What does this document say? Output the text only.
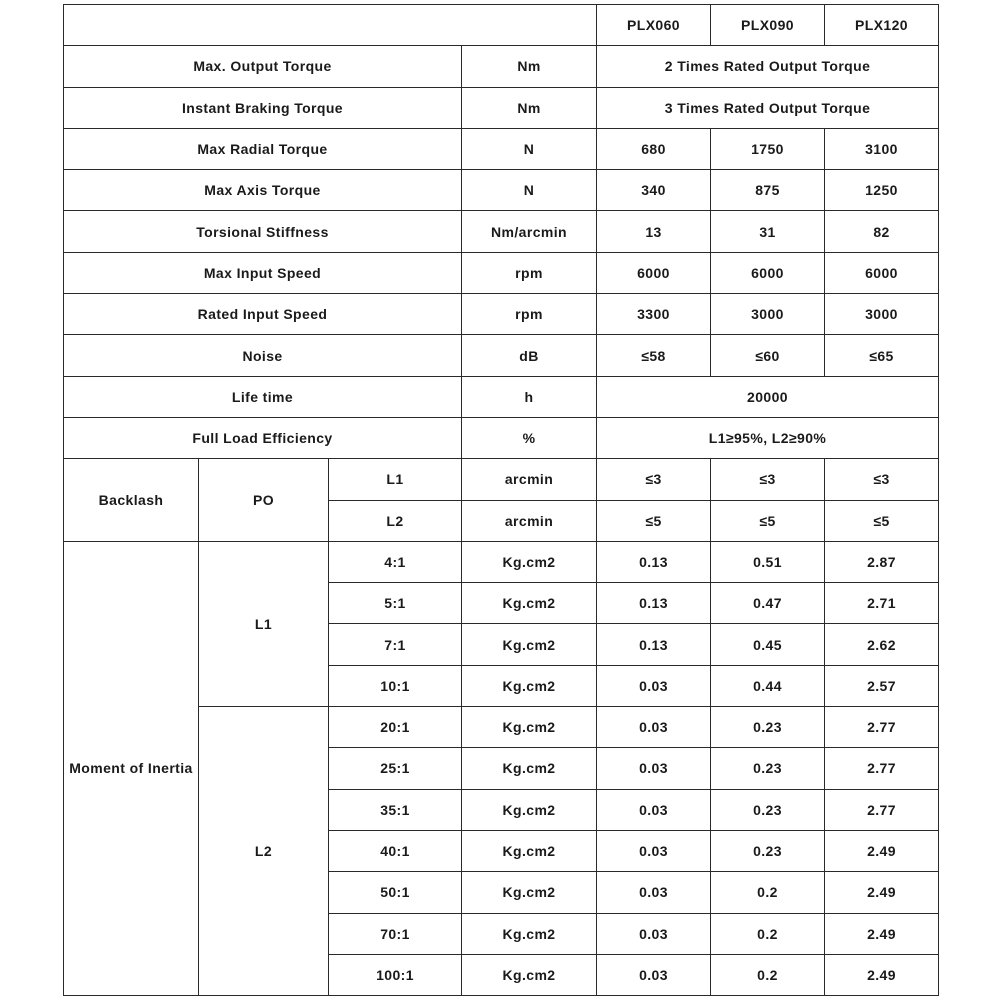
				PLX060	PLX090	PLX120
Max. Output Torque			Nm	2 Times Rated Output Torque		
Instant Braking Torque			Nm	3 Times Rated Output Torque		
Max Radial Torque			N	680	1750	3100
Max Axis Torque			N	340	875	1250
Torsional Stiffness			Nm/arcmin	13	31	82
Max Input Speed			rpm	6000	6000	6000
Rated Input Speed			rpm	3300	3000	3000
Noise			dB	≤58	≤60	≤65
Life time			h	20000		
Full Load Efficiency			%	L1≥95%, L2≥90%		
Backlash	PO	L1	arcmin	≤3	≤3	≤3
		L2	arcmin	≤5	≤5	≤5
Moment of Inertia	L1	4:1	Kg.cm2	0.13	0.51	2.87
		5:1	Kg.cm2	0.13	0.47	2.71
		7:1	Kg.cm2	0.13	0.45	2.62
		10:1	Kg.cm2	0.03	0.44	2.57
	L2	20:1	Kg.cm2	0.03	0.23	2.77
		25:1	Kg.cm2	0.03	0.23	2.77
		35:1	Kg.cm2	0.03	0.23	2.77
		40:1	Kg.cm2	0.03	0.23	2.49
		50:1	Kg.cm2	0.03	0.2	2.49
		70:1	Kg.cm2	0.03	0.2	2.49
		100:1	Kg.cm2	0.03	0.2	2.49
